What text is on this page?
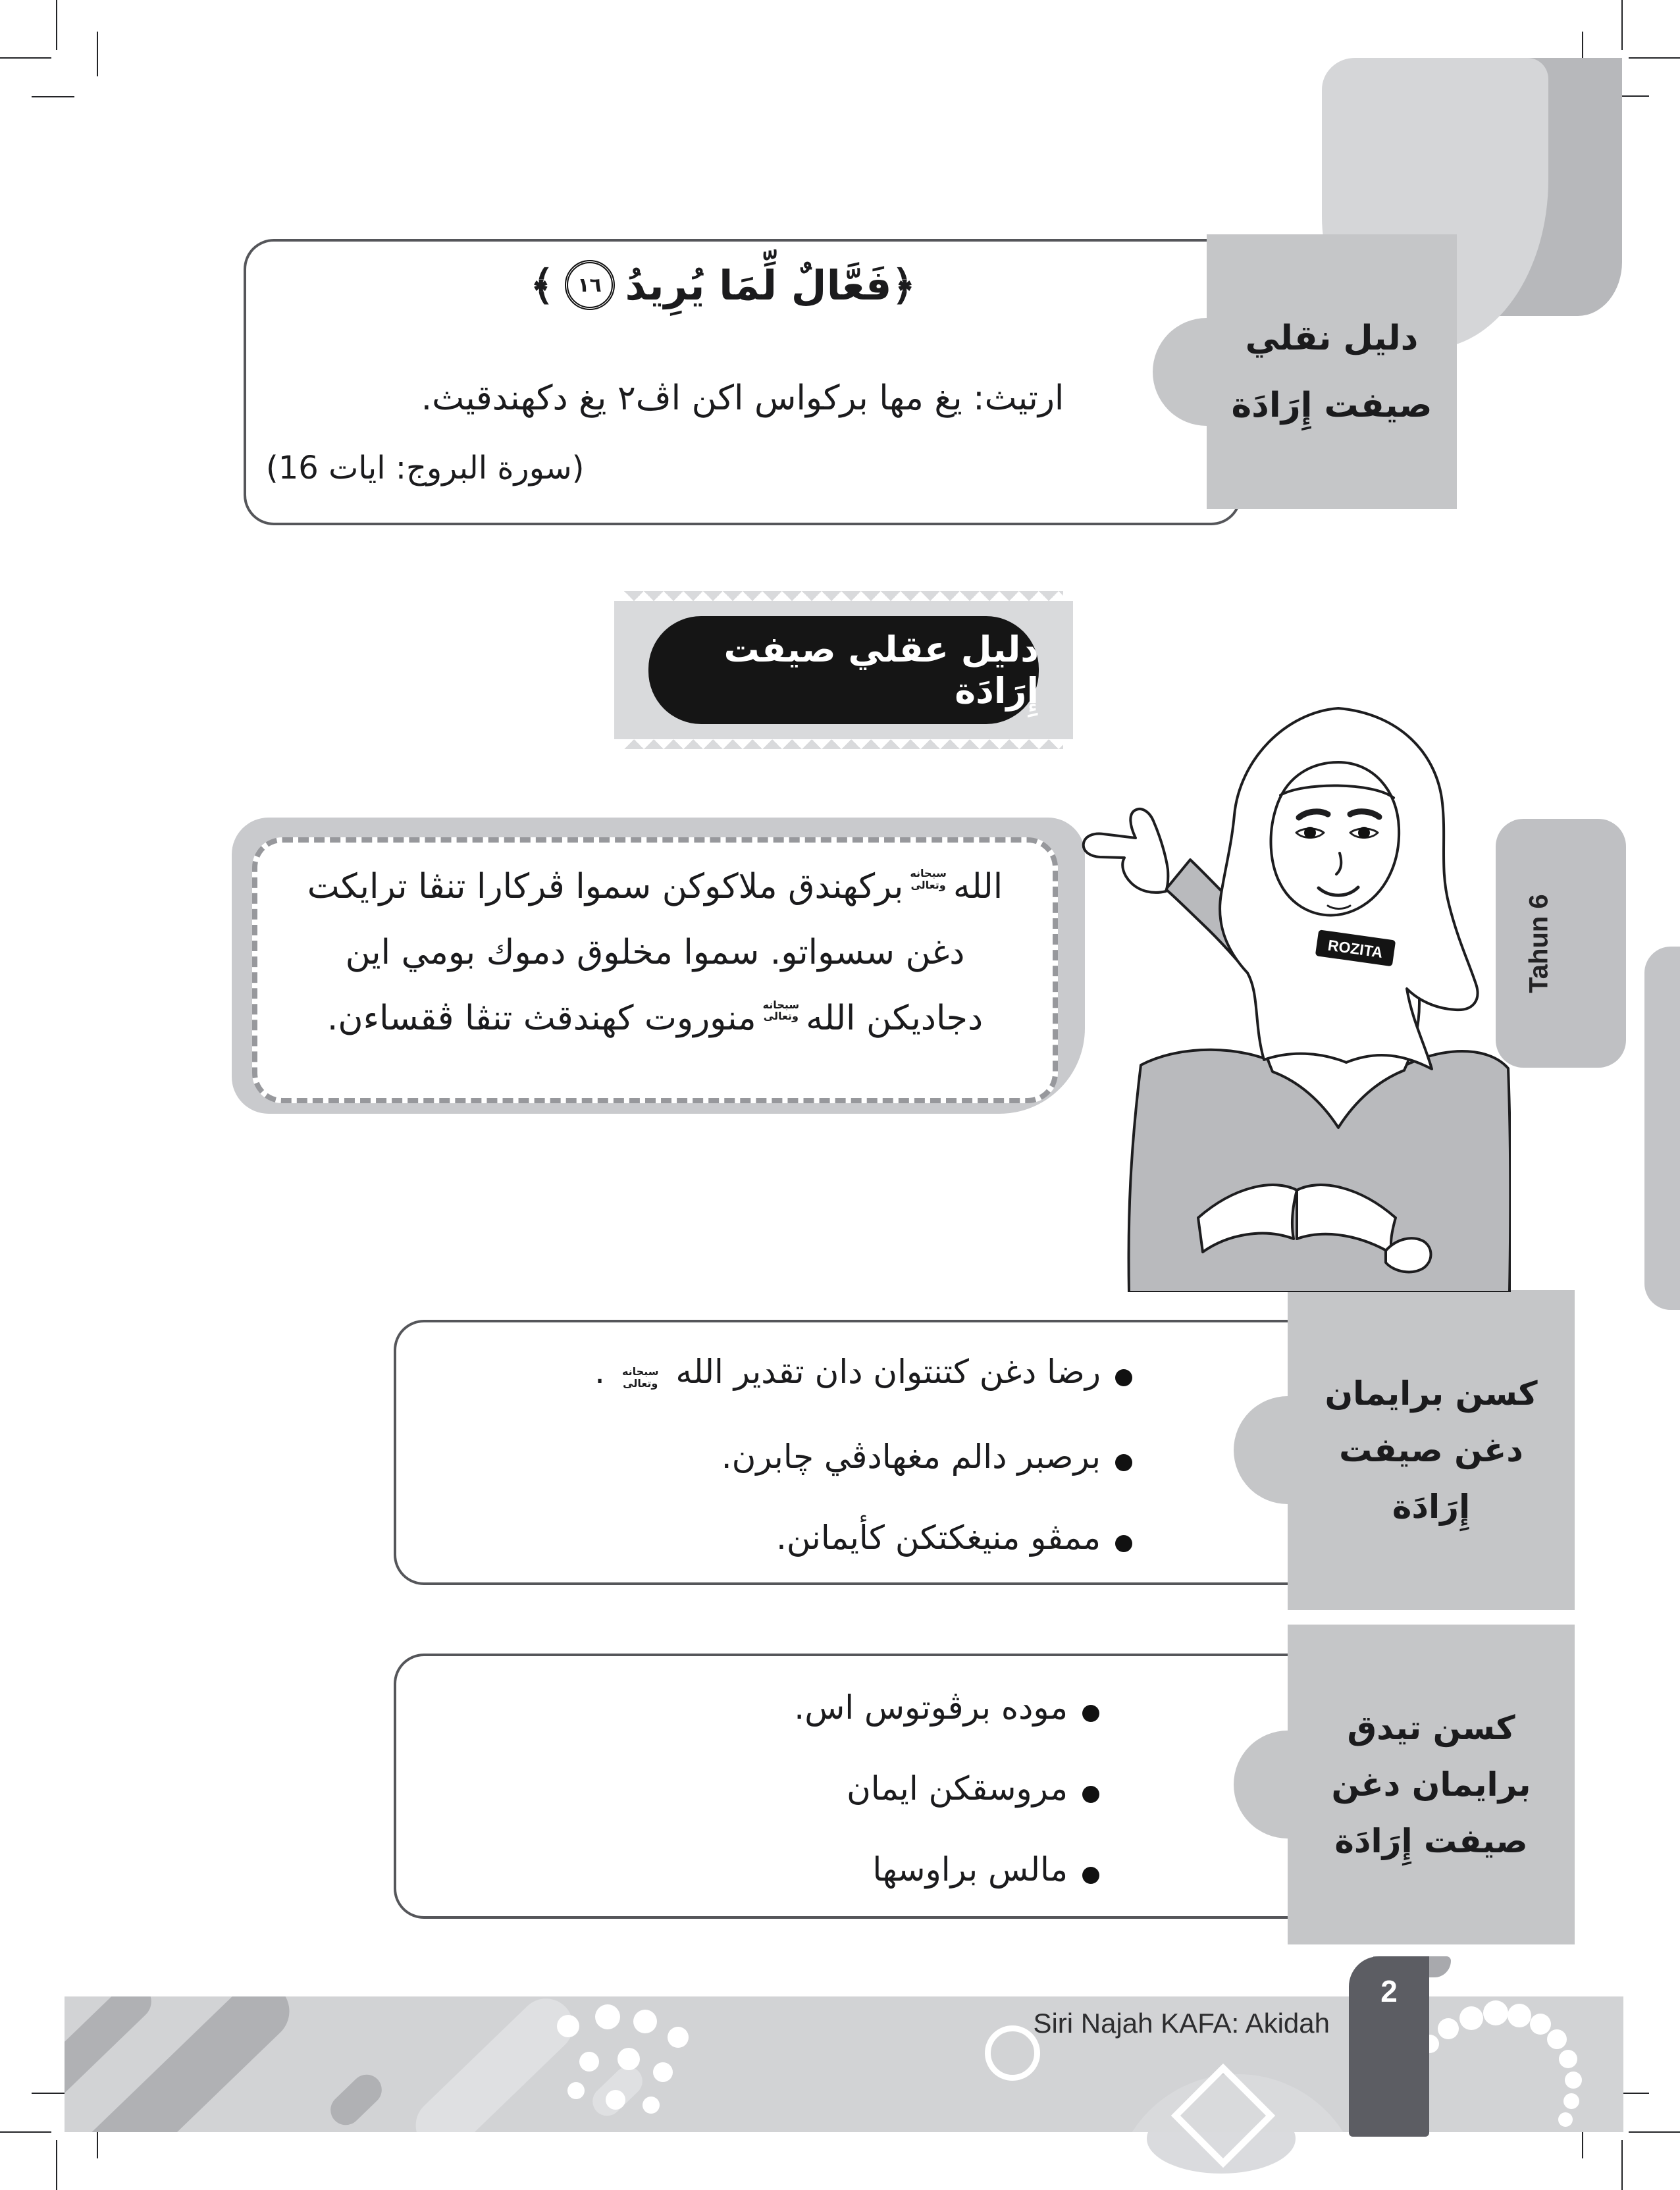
﴿فَعَّالٌ لِّمَا يُرِيدُ
١٦
﴾
ارتيث: يغ مها بركواس اكن اڤ٢ يغ دكهندقيث.
(سورة البروج: ايات 16)
دليل نقلي
صيفت إِرَادَة
دليل عقلي صيفت إِرَادَة
الله
سبحانه
وتعالى
بركهندق ملاكوكن سموا ڤركارا تنڤا ترايكت
دغن سسواتو. سموا مخلوق دموك بومي اين
دجاديكن الله
سبحانه
وتعالى
منوروت كهندقث تنڤا ڤقساءن.
ROZITA	Tahun 6
كسن برايمان
دغن صيفت
إِرَادَة
رضا دغن كتنتوان دان تقدير الله
سبحانه
وتعالى
.
برصبر دالم مغهادڤي چابرن.
ممڤو منيغكتكن كأيمانن.
كسن تيدق
برايمان دغن
صيفت إِرَادَة
موده برڤوتوس اس.
مروسقكن ايمان
مالس براوسها
Siri Najah KAFA: Akidah
2
